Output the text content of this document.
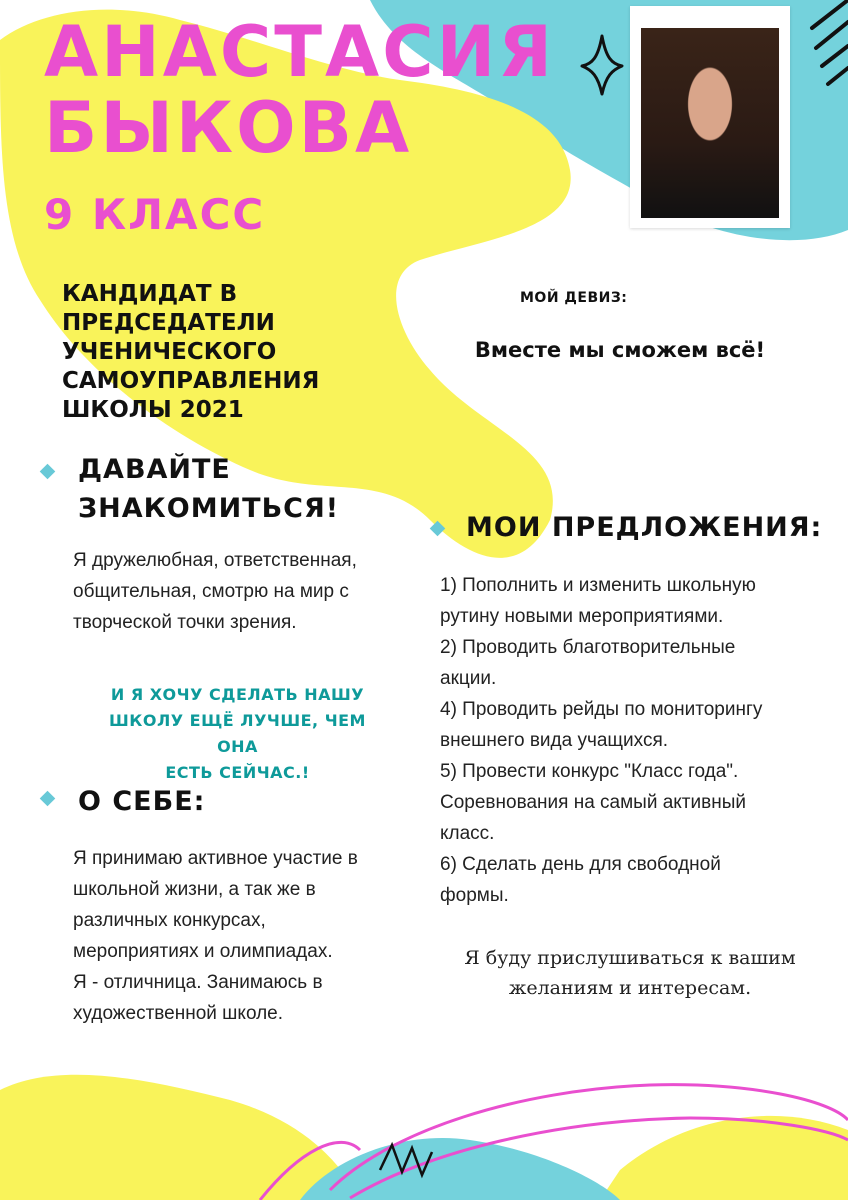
АНАСТАСИЯ
БЫКОВА
9 КЛАСС
КАНДИДАТ В
ПРЕДСЕДАТЕЛИ
УЧЕНИЧЕСКОГО
САМОУПРАВЛЕНИЯ
ШКОЛЫ 2021
МОЙ ДЕВИЗ:
Вместе мы сможем всё!
ДАВАЙТЕ
ЗНАКОМИТЬСЯ!
Я дружелюбная, ответственная,
общительная, смотрю на мир с
творческой точки зрения.
И Я ХОЧУ СДЕЛАТЬ НАШУ
ШКОЛУ ЕЩЁ ЛУЧШЕ, ЧЕМ ОНА
ЕСТЬ СЕЙЧАС.!
О СЕБЕ:
Я принимаю активное участие в
школьной жизни, а так же в
различных конкурсах,
мероприятиях и олимпиадах.
Я - отличница. Занимаюсь в
художественной школе.
МОИ ПРЕДЛОЖЕНИЯ:
1) Пополнить и изменить школьную
рутину новыми мероприятиями.
2) Проводить благотворительные
акции.
4) Проводить рейды по мониторингу
внешнего вида учащихся.
5) Провести конкурс "Класс года".
Соревнования на самый активный
класс.
6) Сделать день для свободной
формы.
Я буду прислушиваться к вашим
желаниям и интересам.
